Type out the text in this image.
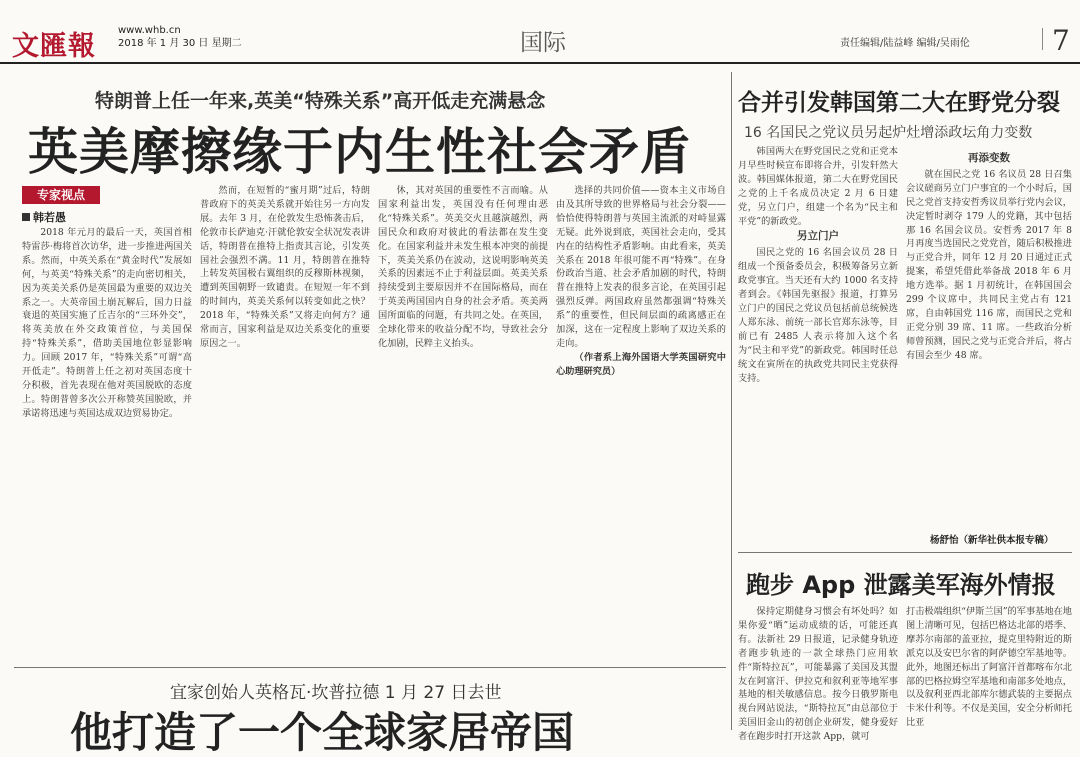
文匯報
www.whb.cn
2018 年 1 月 30 日 星期二	国际	责任编辑/陆益峰 编辑/吴雨伦	7
特朗普上任一年来,英美“特殊关系”高开低走充满悬念
英美摩擦缘于内生性社会矛盾
专家视点
韩若愚

2018 年元月的最后一天，英国首相特雷莎·梅将首次访华，进一步推进两国关系。然而，中英关系在“黄金时代”发展如何，与英美“特殊关系”的走向密切相关，因为英美关系仍是英国最为重要的双边关系之一。大英帝国土崩瓦解后，国力日益衰退的英国实施了丘吉尔的“三环外交”，将英美放在外交政策首位，与美国保持“特殊关系”，借助美国地位彰显影响力。回顾 2017 年，“特殊关系”可谓“高开低走”。特朗普上任之初对英国态度十分积极，首先表现在他对英国脱欧的态度上。特朗普曾多次公开称赞英国脱欧，并承诺将迅速与英国达成双边贸易协定。

然而，在短暂的“蜜月期”过后，特朗普政府下的英美关系就开始往另一方向发展。去年 3 月，在伦敦发生恐怖袭击后，伦敦市长萨迪克·汗就伦敦安全状况发表讲话，特朗普在推特上指责其言论，引发英国社会强烈不满。11 月，特朗普在推特上转发英国极右翼组织的反穆斯林视频，遭到英国朝野一致谴责。在短短一年不到的时间内，英美关系何以转变如此之快？2018 年，“特殊关系”又将走向何方？通常而言，国家利益是双边关系变化的重要原因之一。

休，其对英国的重要性不言而喻。从国家利益出发，英国没有任何理由恶化“特殊关系”。英美交火且越演越烈，两国民众和政府对彼此的看法都在发生变化。在国家利益并未发生根本冲突的前提下，英美关系仍在波动，这说明影响英美关系的因素远不止于利益层面。英美关系持续受到主要原因并不在国际格局，而在于英美两国国内自身的社会矛盾。英美两国所面临的问题，有共同之处。在英国，全球化带来的收益分配不均，导致社会分化加剧，民粹主义抬头。

选择的共同价值——资本主义市场自由及其所导致的世界格局与社会分裂——恰恰使得特朗普与英国主流派的对峙显露无疑。此外说到底，英国社会走向，受其内在的结构性矛盾影响。由此看来，英美关系在 2018 年很可能不再“特殊”。在身份政治当道、社会矛盾加剧的时代，特朗普在推特上发表的很多言论，在英国引起强烈反弹。两国政府虽然都强调“特殊关系”的重要性，但民间层面的疏离感正在加深，这在一定程度上影响了双边关系的走向。

（作者系上海外国语大学英国研究中心助理研究员）

宜家创始人英格瓦·坎普拉德 1 月 27 日去世
他打造了一个全球家居帝国
合并引发韩国第二大在野党分裂
16 名国民之党议员另起炉灶增添政坛角力变数

韩国两大在野党国民之党和正党本月早些时候宣布即将合并，引发轩然大波。韩国媒体报道，第二大在野党国民之党的上千名成员决定 2 月 6 日建党，另立门户，组建一个名为“民主和平党”的新政党。

另立门户

国民之党的 16 名国会议员 28 日组成一个预备委员会，积极筹备另立新政党事宜。当天还有大约 1000 名支持者到会。《韩国先驱报》报道，打算另立门户的国民之党议员包括前总统候选人郑东泳、前统一部长官郑东泳等，目前已有 2485 人表示将加入这个名为“民主和平党”的新政党。韩国时任总统文在寅所在的执政党共同民主党获得支持。

再添变数

就在国民之党 16 名议员 28 日召集会议磋商另立门户事宜的一个小时后，国民之党首支持安哲秀议员举行党内会议，决定暂时剥夺 179 人的党籍，其中包括那 16 名国会议员。安哲秀 2017 年 8 月再度当选国民之党党首，随后积极推进与正党合并，同年 12 月 20 日通过正式提案，希望凭借此举备战 2018 年 6 月地方选举。据 1 月初统计，在韩国国会 299 个议席中，共同民主党占有 121 席，自由韩国党 116 席，而国民之党和正党分别 39 席、11 席。一些政治分析师曾预测，国民之党与正党合并后，将占有国会至少 48 席。

杨舒怡（新华社供本报专稿）
跑步 App 泄露美军海外情报

保持定期健身习惯会有坏处吗？如果你爱“晒”运动成绩的话，可能还真有。法新社 29 日报道，记录健身轨迹者跑步轨迹的一款全球热门应用软件“斯特拉瓦”，可能暴露了美国及其盟友在阿富汗、伊拉克和叙利亚等地军事基地的相关敏感信息。按今日俄罗斯电视台网站说法，“斯特拉瓦”由总部位于美国旧金山的初创企业研发，健身爱好者在跑步时打开这款 App，就可

打击极端组织“伊斯兰国”的军事基地在地图上清晰可见，包括巴格达北部的塔季、摩苏尔南部的盖亚拉，提克里特附近的斯派克以及安巴尔省的阿萨德空军基地等。此外，地图还标出了阿富汗首都喀布尔北部的巴格拉姆空军基地和南部多处地点，以及叙利亚西北部库尔德武装的主要据点卡米什利等。不仅是美国，安全分析师托比亚
